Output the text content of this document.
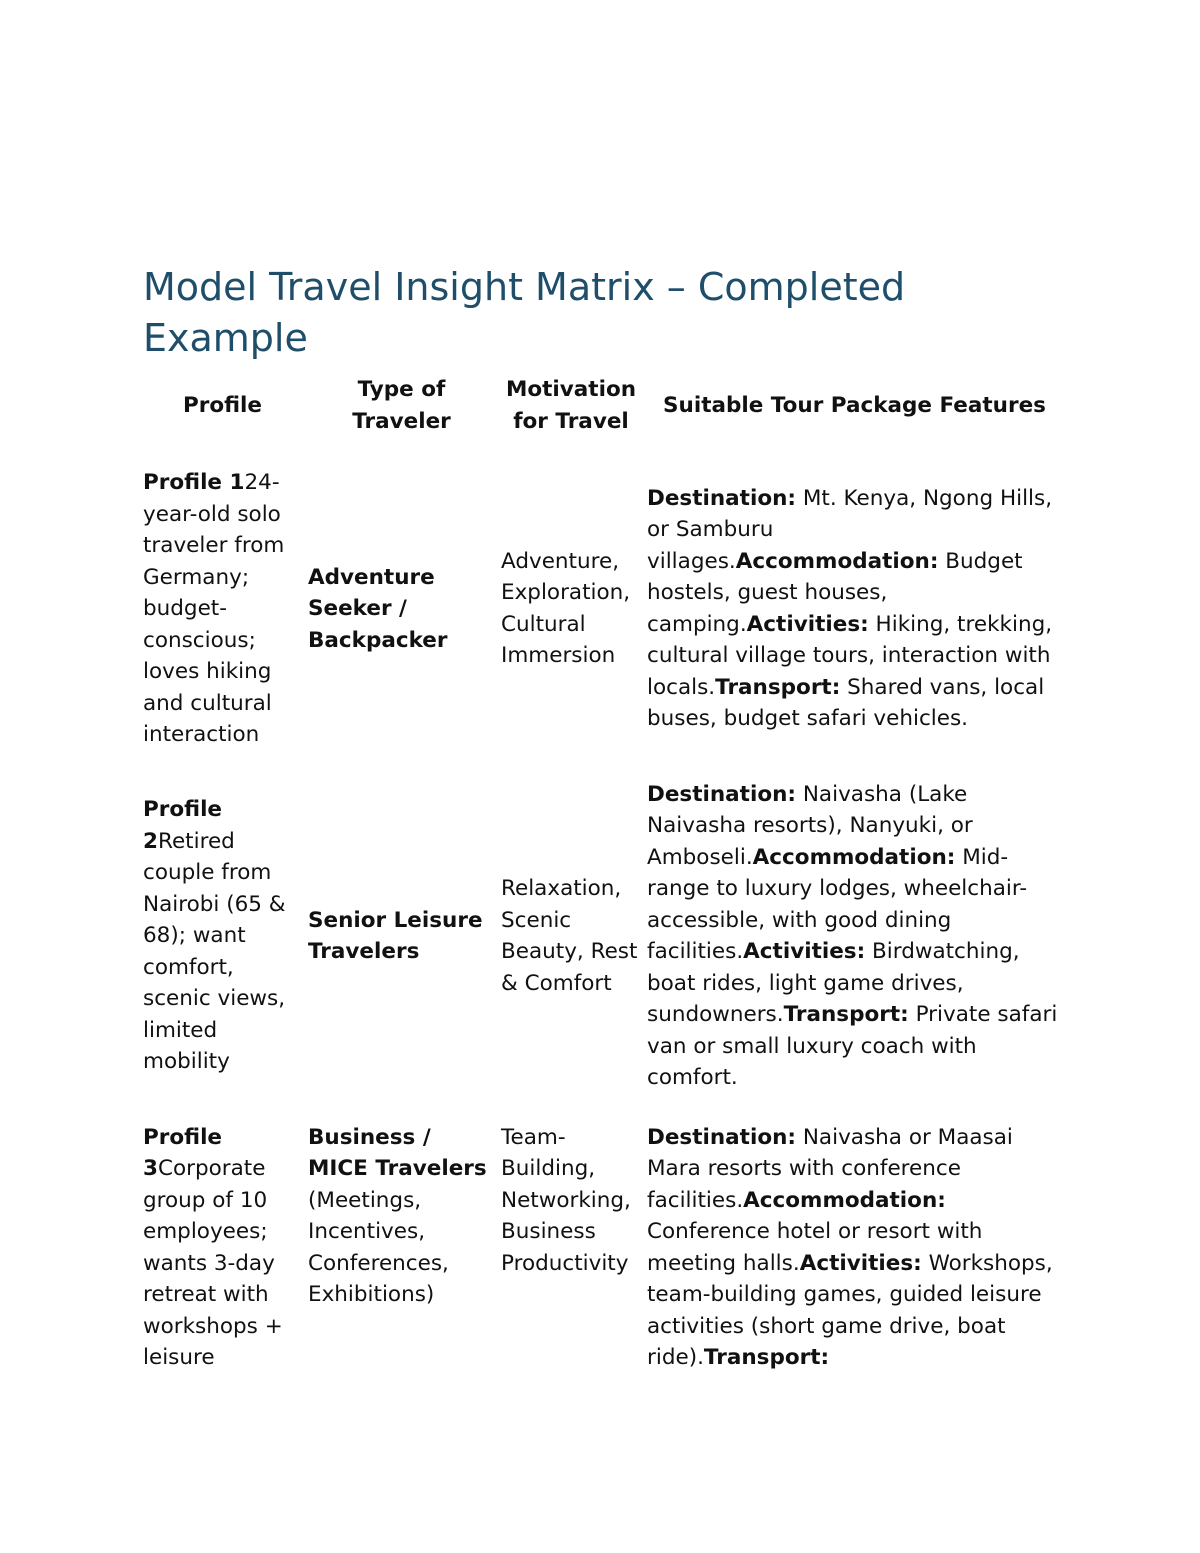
Model Travel Insight Matrix – Completed Example
Profile	Type of Traveler	Motivation for Travel	Suitable Tour Package Features
Profile 124-year-old solo traveler from Germany; budget-conscious; loves hiking and cultural interaction	Adventure Seeker / Backpacker	Adventure, Exploration, Cultural Immersion	Destination: Mt. Kenya, Ngong Hills, or Samburu villages.Accommodation: Budget hostels, guest houses, camping.Activities: Hiking, trekking, cultural village tours, interaction with locals.Transport: Shared vans, local buses, budget safari vehicles.
Profile 2Retired couple from Nairobi (65 & 68); want comfort, scenic views, limited mobility	Senior Leisure Travelers	Relaxation, Scenic Beauty, Rest & Comfort	Destination: Naivasha (Lake Naivasha resorts), Nanyuki, or Amboseli.Accommodation: Mid-range to luxury lodges, wheelchair-accessible, with good dining facilities.Activities: Birdwatching, boat rides, light game drives, sundowners.Transport: Private safari van or small luxury coach with comfort.
Profile 3Corporate group of 10 employees; wants 3-day retreat with workshops + leisure	Business / MICE Travelers (Meetings, Incentives, Conferences, Exhibitions)	Team-Building, Networking, Business Productivity	Destination: Naivasha or Maasai Mara resorts with conference facilities.Accommodation: Conference hotel or resort with meeting halls.Activities: Workshops, team-building games, guided leisure activities (short game drive, boat ride).Transport:
